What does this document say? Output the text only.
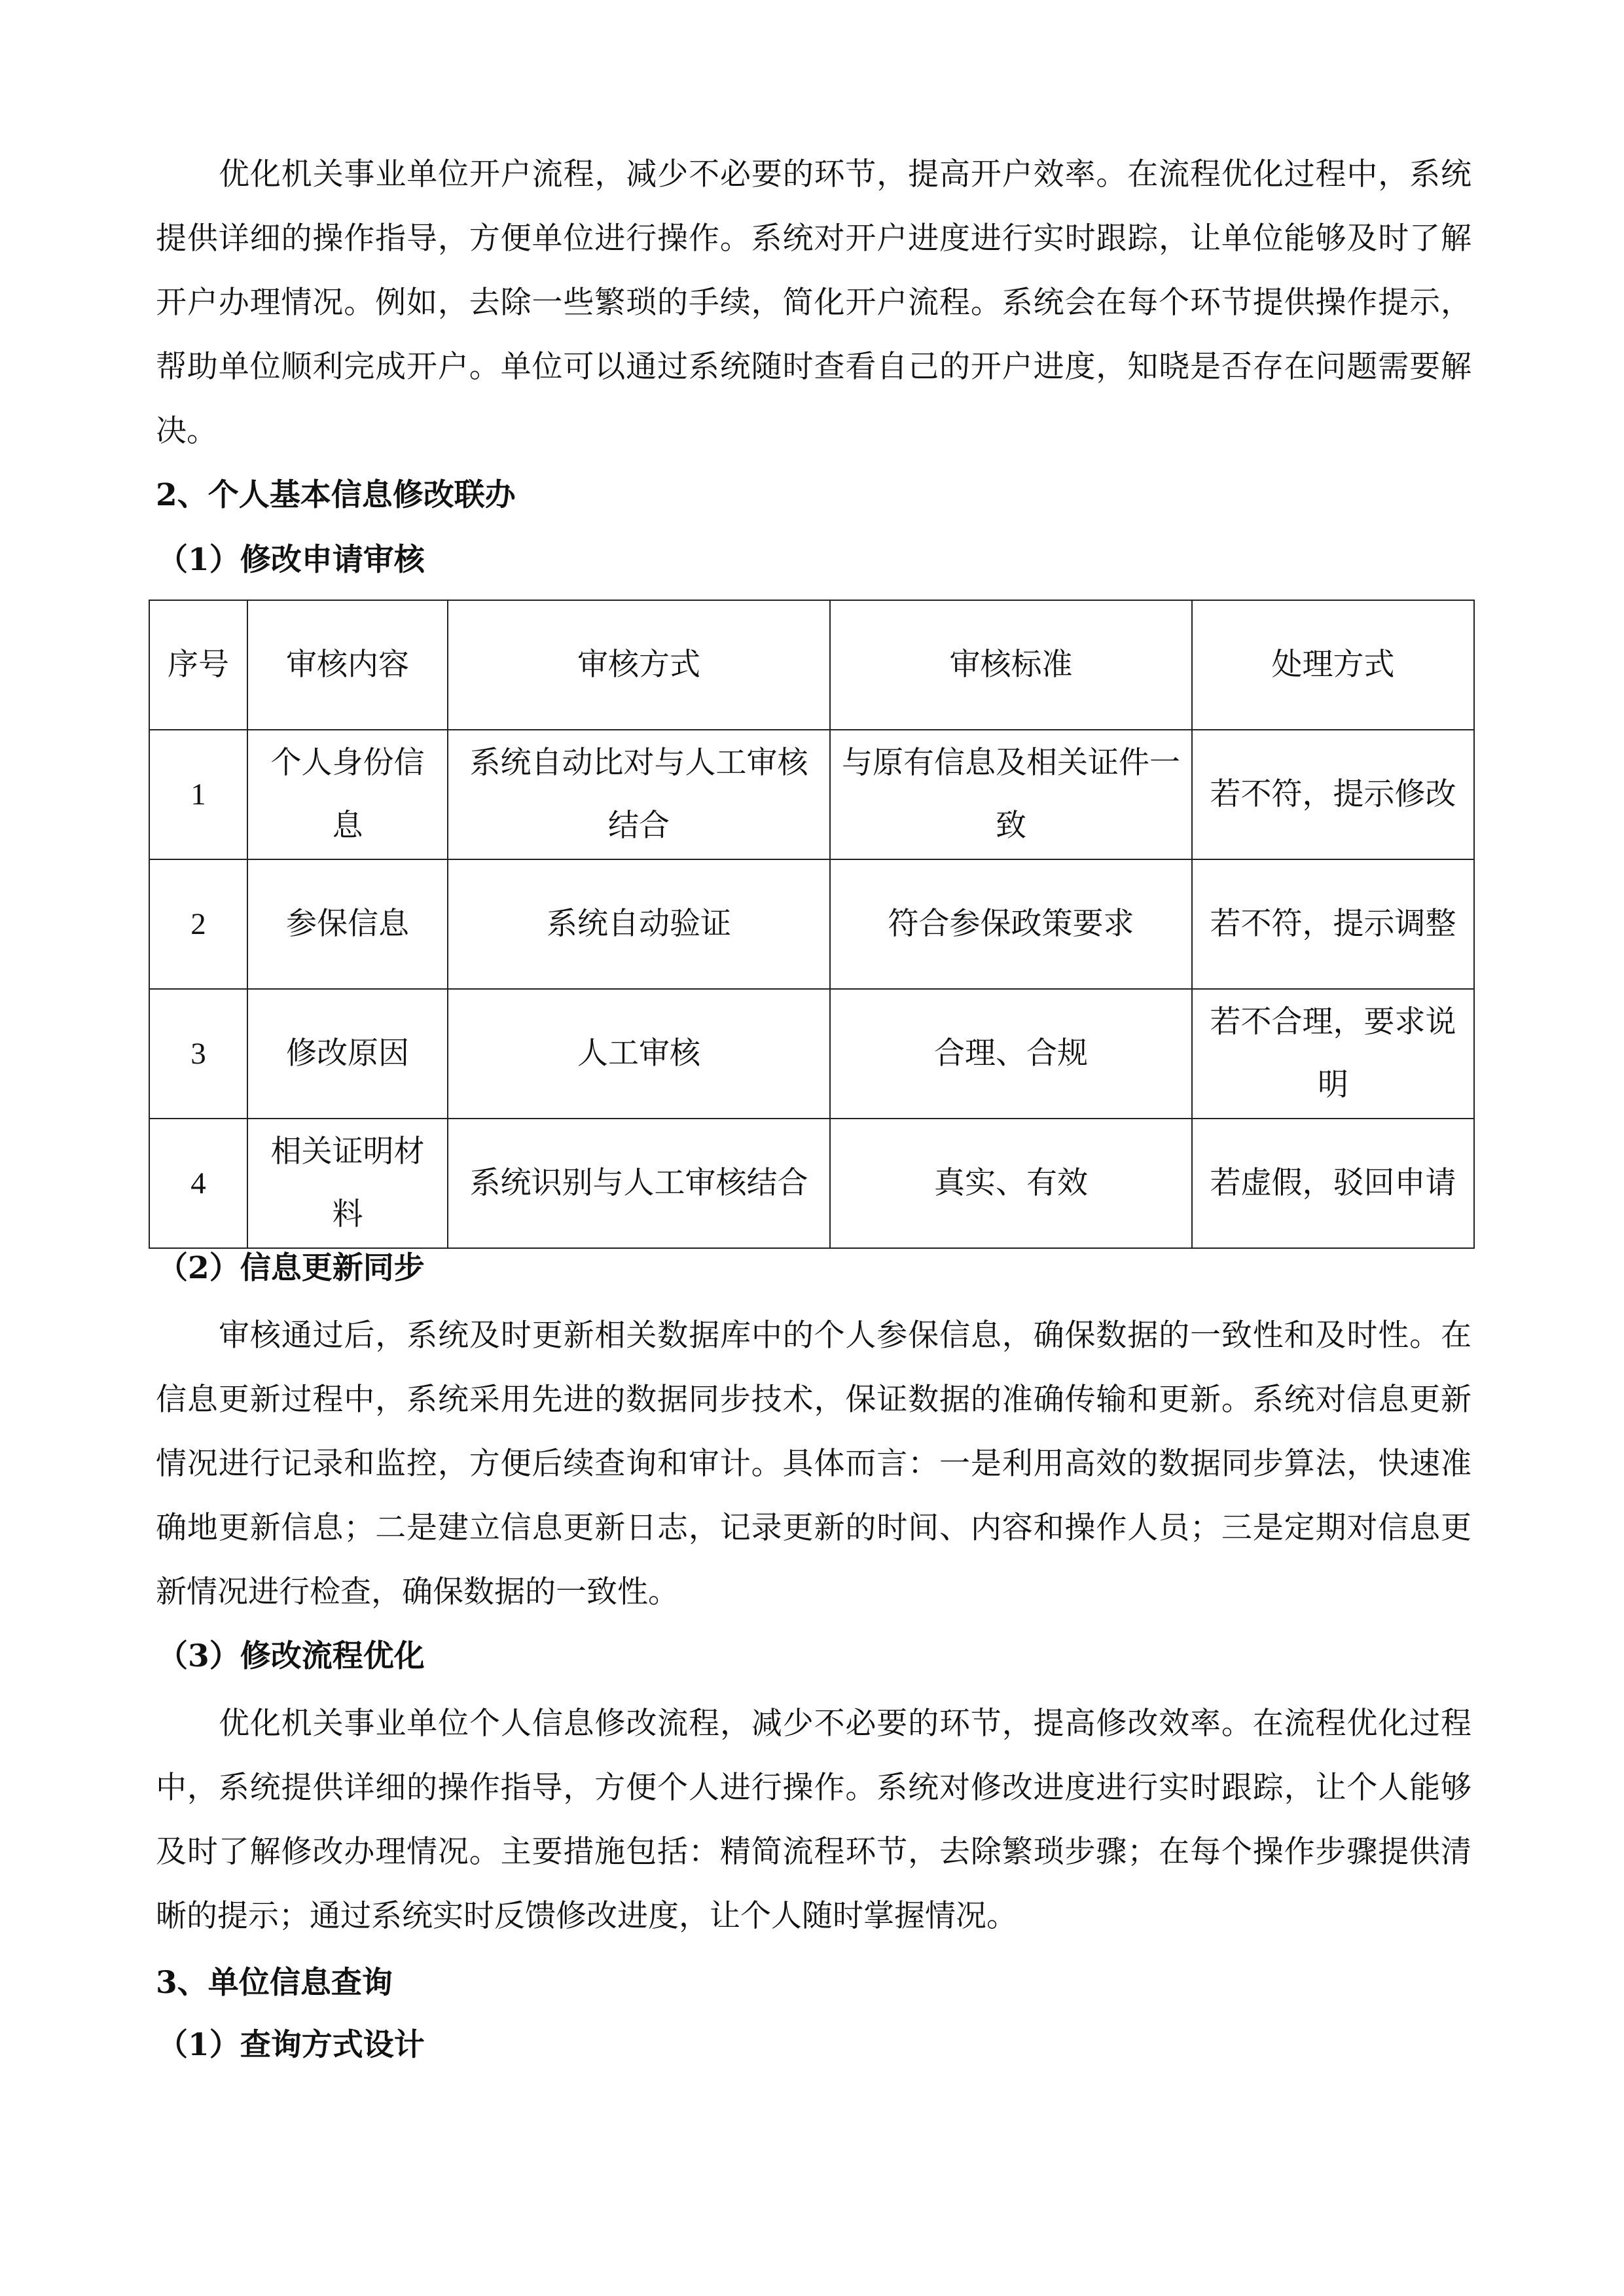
优化机关事业单位开户流程，减少不必要的环节，提高开户效率。在流程优化过程中，系统提供详细的操作指导，方便单位进行操作。系统对开户进度进行实时跟踪，让单位能够及时了解开户办理情况。例如，去除一些繁琐的手续，简化开户流程。系统会在每个环节提供操作提示，帮助单位顺利完成开户。单位可以通过系统随时查看自己的开户进度，知晓是否存在问题需要解决。

2、个人基本信息修改联办
（1）修改申请审核
序号	审核内容	审核方式	审核标准	处理方式
1	个人身份信息	系统自动比对与人工审核结合	与原有信息及相关证件一致	若不符，提示修改
2	参保信息	系统自动验证	符合参保政策要求	若不符，提示调整
3	修改原因	人工审核	合理、合规	若不合理，要求说明
4	相关证明材料	系统识别与人工审核结合	真实、有效	若虚假，驳回申请
（2）信息更新同步

审核通过后，系统及时更新相关数据库中的个人参保信息，确保数据的一致性和及时性。在信息更新过程中，系统采用先进的数据同步技术，保证数据的准确传输和更新。系统对信息更新情况进行记录和监控，方便后续查询和审计。具体而言：一是利用高效的数据同步算法，快速准确地更新信息；二是建立信息更新日志，记录更新的时间、内容和操作人员；三是定期对信息更新情况进行检查，确保数据的一致性。

（3）修改流程优化

优化机关事业单位个人信息修改流程，减少不必要的环节，提高修改效率。在流程优化过程中，系统提供详细的操作指导，方便个人进行操作。系统对修改进度进行实时跟踪，让个人能够及时了解修改办理情况。主要措施包括：精简流程环节，去除繁琐步骤；在每个操作步骤提供清晰的提示；通过系统实时反馈修改进度，让个人随时掌握情况。

3、单位信息查询
（1）查询方式设计
